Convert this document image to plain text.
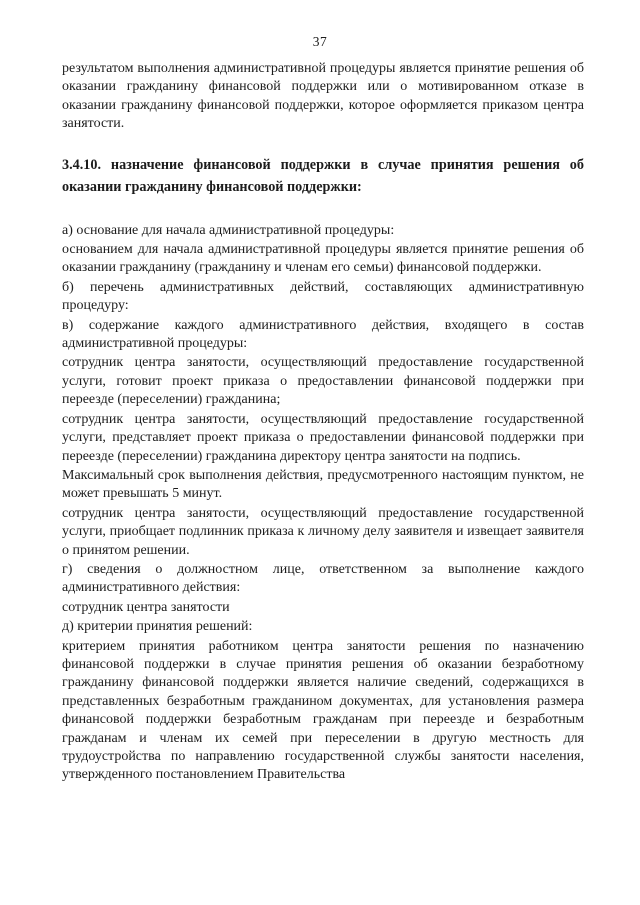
37

результатом выполнения административной процедуры является принятие решения об оказании гражданину финансовой поддержки или о мотивированном отказе в оказании гражданину финансовой поддержки, которое оформляется приказом центра занятости.

3.4.10. назначение финансовой поддержки в случае принятия решения об оказании гражданину финансовой поддержки:

а) основание для начала административной процедуры:

основанием для начала административной процедуры является принятие решения об оказании гражданину (гражданину и членам его семьи) финансовой поддержки.

б) перечень административных действий, составляющих административную процедуру:

в) содержание каждого административного действия, входящего в состав административной процедуры:

сотрудник центра занятости, осуществляющий предоставление государственной услуги, готовит проект приказа о предоставлении финансовой поддержки при переезде (переселении) гражданина;

сотрудник центра занятости, осуществляющий предоставление государственной услуги, представляет проект приказа о предоставлении финансовой поддержки при переезде (переселении) гражданина директору центра занятости на подпись.

Максимальный срок выполнения действия, предусмотренного настоящим пунктом, не может превышать 5 минут.

сотрудник центра занятости, осуществляющий предоставление государственной услуги, приобщает подлинник приказа к личному делу заявителя и извещает заявителя о принятом решении.

г) сведения о должностном лице, ответственном за выполнение каждого административного действия:

сотрудник центра занятости

д) критерии принятия решений:

критерием принятия работником центра занятости решения по назначению финансовой поддержки в случае принятия решения об оказании безработному гражданину финансовой поддержки является наличие сведений, содержащихся в представленных безработным гражданином документах, для установления размера финансовой поддержки безработным гражданам при переезде и безработным гражданам и членам их семей при переселении в другую местность для трудоустройства по направлению государственной службы занятости населения, утвержденного постановлением Правительства
